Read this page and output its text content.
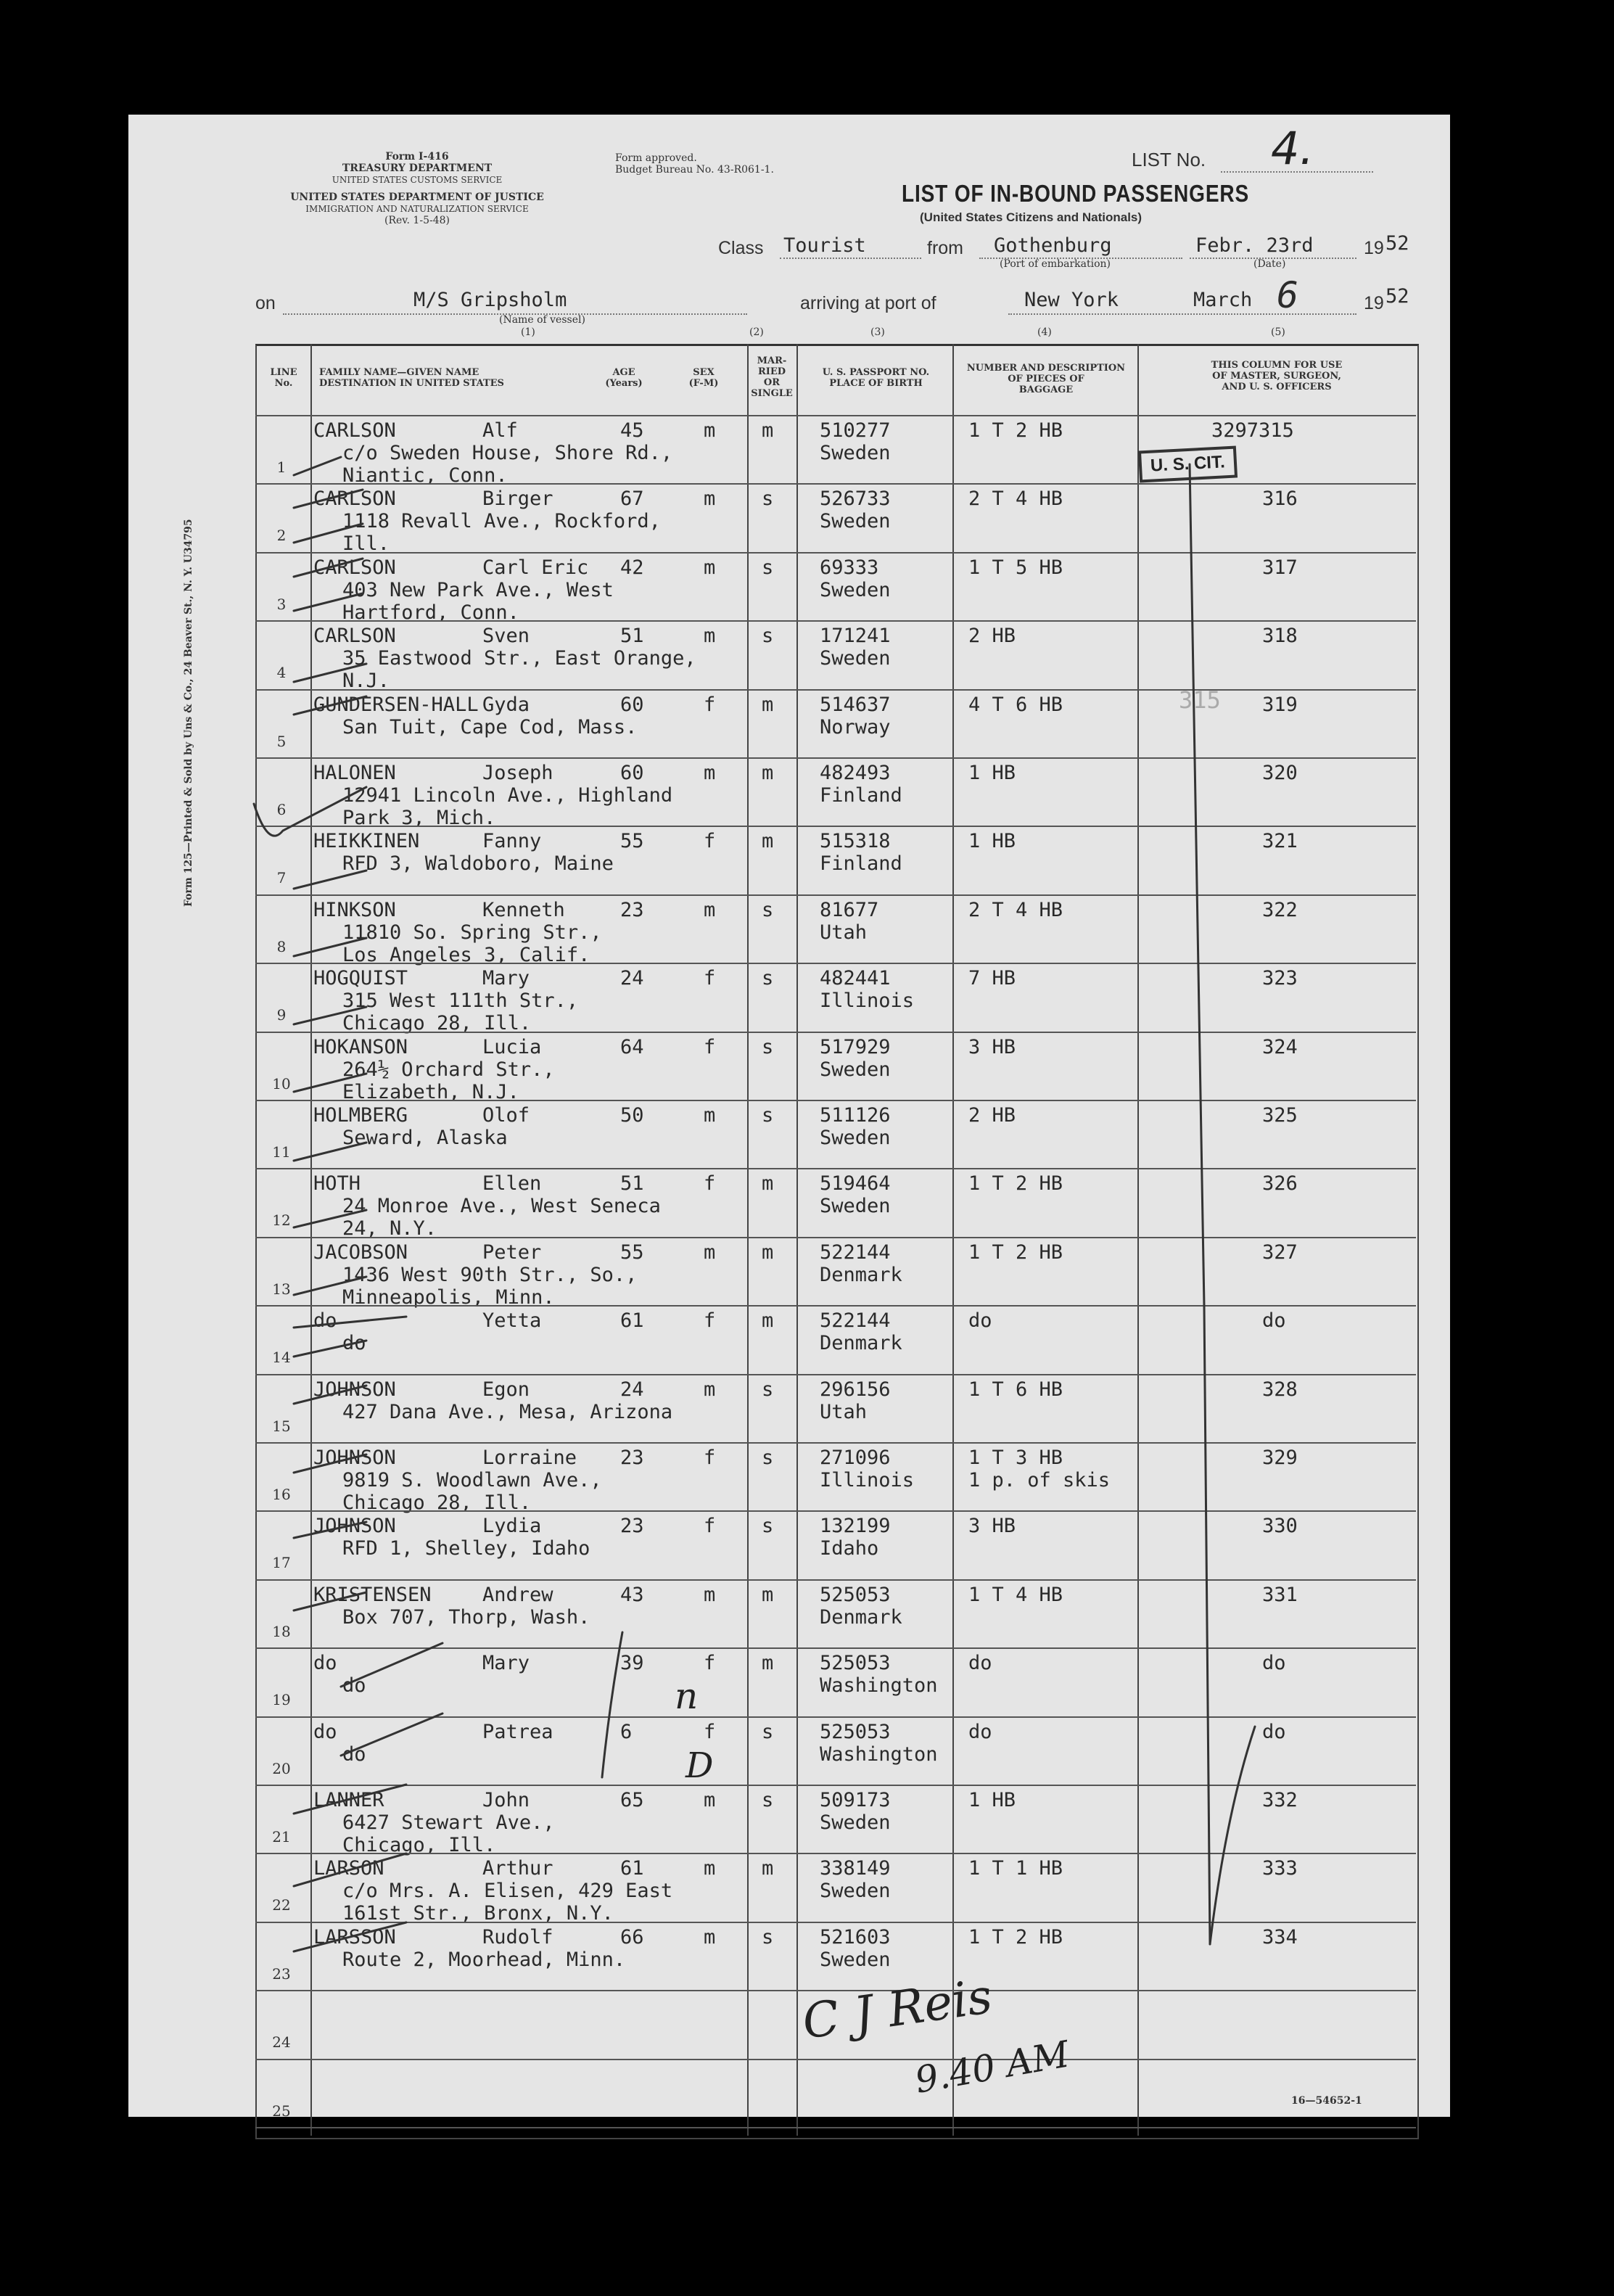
Form 125—Printed & Sold by Uns & Co., 24 Beaver St., N. Y. U34795
Form I-416
TREASURY DEPARTMENT
UNITED STATES CUSTOMS SERVICE
UNITED STATES DEPARTMENT OF JUSTICE
IMMIGRATION AND NATURALIZATION SERVICE
(Rev. 1-5-48)
Form approved.
Budget Bureau No. 43-R061-1.	LIST No. 4.
LIST OF IN-BOUND PASSENGERS
(United States Citizens and Nationals)
Class Tourist	from Gothenburg
(Port of embarkation)
Febr. 23rd
(Date)
19 52
on	M/S Gripsholm
(Name of vessel)
(1)	(2)
arriving at port of
(3)
New York
(4)
March 6
(5)
19 52
LINE
No.
FAMILY NAME—GIVEN NAME
DESTINATION IN UNITED STATES
AGE
(Years)
SEX
(F-M)
MAR-
RIED
OR
SINGLE
U. S. PASSPORT NO.
PLACE OF BIRTH
NUMBER AND DESCRIPTION
OF PIECES OF
BAGGAGE
THIS COLUMN FOR USE
OF MASTER, SURGEON,
AND U. S. OFFICERS
1
CARLSON	Alf
c/o Sweden House, Shore Rd.,
Niantic, Conn.
45	m m 510277
Sweden
1 T 2 HB	3297315
2
CARLSON	Birger
1118 Revall Ave., Rockford,
Ill.
67	m s 526733
Sweden
2 T 4 HB	316
3
CARLSON	Carl Eric
403 New Park Ave., West
Hartford, Conn.
42	m s 69333
Sweden
1 T 5 HB	317
4
CARLSON	Sven
35 Eastwood Str., East Orange,
N.J.
51	m s 171241
Sweden
2 HB	318
5
GUNDERSEN-HALL Gyda
San Tuit, Cape Cod, Mass.
60	f m 514637
Norway
4 T 6 HB	319
6
HALONEN	Joseph
12941 Lincoln Ave., Highland
Park 3, Mich.
60	m m 482493
Finland
1 HB	320
7
HEIKKINEN	Fanny
RFD 3, Waldoboro, Maine
55	f m 515318
Finland
1 HB	321
8
HINKSON	Kenneth
11810 So. Spring Str.,
Los Angeles 3, Calif.
23	m s 81677
Utah
2 T 4 HB	322
9
HOGQUIST	Mary
315 West 111th Str.,
Chicago 28, Ill.
24	f s 482441
Illinois
7 HB	323
10
HOKANSON	Lucia
264½ Orchard Str.,
Elizabeth, N.J.
64	f s 517929
Sweden
3 HB	324
11
HOLMBERG	Olof
Seward, Alaska
50	m s 511126
Sweden
2 HB	325
12
HOTH	Ellen
24 Monroe Ave., West Seneca
24, N.Y.
51	f m 519464
Sweden
1 T 2 HB	326
13
JACOBSON	Peter
1436 West 90th Str., So.,
Minneapolis, Minn.
55	m m 522144
Denmark
1 T 2 HB	327
14
do	Yetta
do
61	f m 522144
Denmark
do	do
15
JOHNSON	Egon
427 Dana Ave., Mesa, Arizona
24	m s 296156
Utah
1 T 6 HB	328
16
JOHNSON	Lorraine
9819 S. Woodlawn Ave.,
Chicago 28, Ill.
23	f s 271096
Illinois
1 T 3 HB
1 p. of skis
329
17
JOHNSON	Lydia
RFD 1, Shelley, Idaho
23	f s 132199
Idaho
3 HB	330
18
KRISTENSEN	Andrew
Box 707, Thorp, Wash.
43	m m 525053
Denmark
1 T 4 HB	331
19
do	Mary
do
39	f m 525053
Washington
do	do
20
do	Patrea
do
6	f s 525053
Washington
do	do
21
LANNER	John
6427 Stewart Ave.,
Chicago, Ill.
65	m s 509173
Sweden
1 HB	332
22
LARSON	Arthur
c/o Mrs. A. Elisen, 429 East
161st Str., Bronx, N.Y.
61	m m 338149
Sweden
1 T 1 HB	333
23
LARSSON	Rudolf
Route 2, Moorhead, Minn.
66	m s 521603
Sweden
1 T 2 HB	334
24
25
U. S. CIT.
315
16—54652-1
n
D
C J Reis
9.40 AM
